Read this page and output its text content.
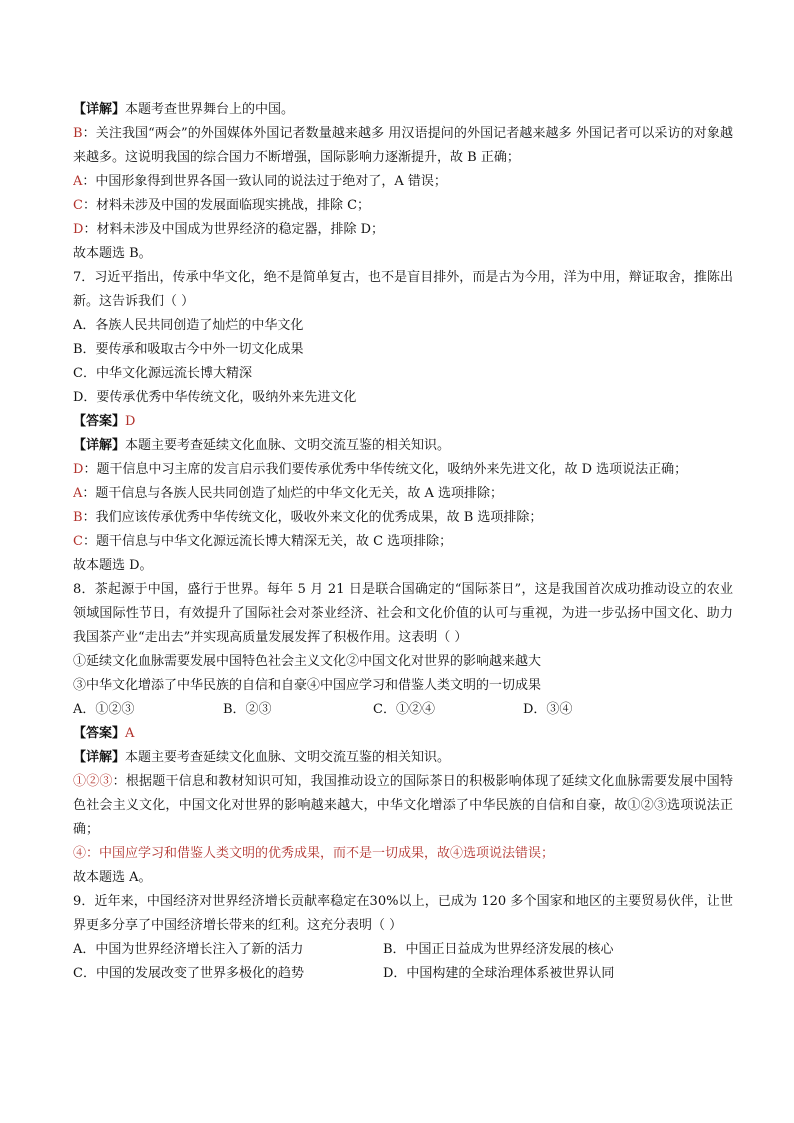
【详解】本题考查世界舞台上的中国。
B：关注我国“两会”的外国媒体外国记者数量越来越多 用汉语提问的外国记者越来越多 外国记者可以采访的对象越来越多。这说明我国的综合国力不断增强，国际影响力逐渐提升，故 B 正确；
A：中国形象得到世界各国一致认同的说法过于绝对了，A 错误；
C：材料未涉及中国的发展面临现实挑战，排除 C；
D：材料未涉及中国成为世界经济的稳定器，排除 D；
故本题选 B。
7．习近平指出，传承中华文化，绝不是简单复古，也不是盲目排外，而是古为今用，洋为中用，辩证取舍，推陈出新。这告诉我们（ ）
A．各族人民共同创造了灿烂的中华文化
B．要传承和吸取古今中外一切文化成果
C．中华文化源远流长博大精深
D．要传承优秀中华传统文化，吸纳外来先进文化
【答案】D
【详解】本题主要考查延续文化血脉、文明交流互鉴的相关知识。
D：题干信息中习主席的发言启示我们要传承优秀中华传统文化，吸纳外来先进文化，故 D 选项说法正确；
A：题干信息与各族人民共同创造了灿烂的中华文化无关，故 A 选项排除；
B：我们应该传承优秀中华传统文化，吸收外来文化的优秀成果，故 B 选项排除；
C：题干信息与中华文化源远流长博大精深无关，故 C 选项排除；
故本题选 D。
8．茶起源于中国，盛行于世界。每年 5 月 21 日是联合国确定的“国际茶日”，这是我国首次成功推动设立的农业领域国际性节日，有效提升了国际社会对茶业经济、社会和文化价值的认可与重视，为进一步弘扬中国文化、助力我国茶产业“走出去”并实现高质量发展发挥了积极作用。这表明（ ）
①延续文化血脉需要发展中国特色社会主义文化②中国文化对世界的影响越来越大
③中华文化增添了中华民族的自信和自豪④中国应学习和借鉴人类文明的一切成果
A．①②③	B．②③	C．①②④	D．③④
【答案】A
【详解】本题主要考查延续文化血脉、文明交流互鉴的相关知识。
①②③：根据题干信息和教材知识可知，我国推动设立的国际茶日的积极影响体现了延续文化血脉需要发展中国特色社会主义文化，中国文化对世界的影响越来越大，中华文化增添了中华民族的自信和自豪，故①②③选项说法正确；
④：中国应学习和借鉴人类文明的优秀成果，而不是一切成果，故④选项说法错误；
故本题选 A。
9．近年来，中国经济对世界经济增长贡献率稳定在30%以上，已成为 120 多个国家和地区的主要贸易伙伴，让世界更多分享了中国经济增长带来的红利。这充分表明（ ）
A．中国为世界经济增长注入了新的活力	B．中国正日益成为世界经济发展的核心
C．中国的发展改变了世界多极化的趋势	D．中国构建的全球治理体系被世界认同
